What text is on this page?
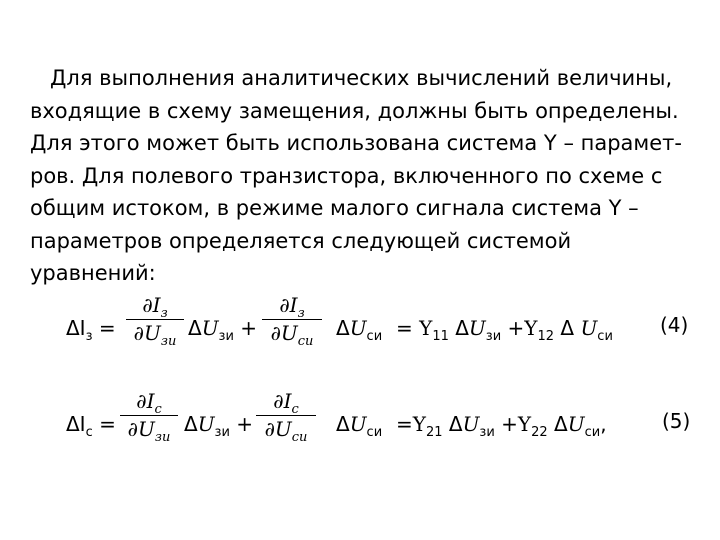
Для выполнения аналитических вычислений величины,
входящие в схему замещения, должны быть определены.
Для этого может быть использована система Y – парамет-
ров. Для полевого транзистора, включенного по схеме с
общим истоком, в режиме малого сигнала система Y –
параметров определяется следующей системой
уравнений:
$\Delta I_з$ =
$\partial I_з$
$\partial U_{зи}$
$\Delta U_{зи}$ +
$\partial I_з$
$\partial U_{си}$
$\Delta U_{си} = Y_{11}$ $\Delta U_{зи} +Y_{12}$ Δ $U_{си}$ (4)
$\Delta I_с$ =
$\partial I_с$
$\partial U_{зи}$
$\Delta U_{зи}$ +
$\partial I_с$
$\partial U_{си}$
$\Delta U_{си} =Y_{21}$ $\Delta U_{зи} +Y_{22}$ $\Delta U_{си}$,	(5)
